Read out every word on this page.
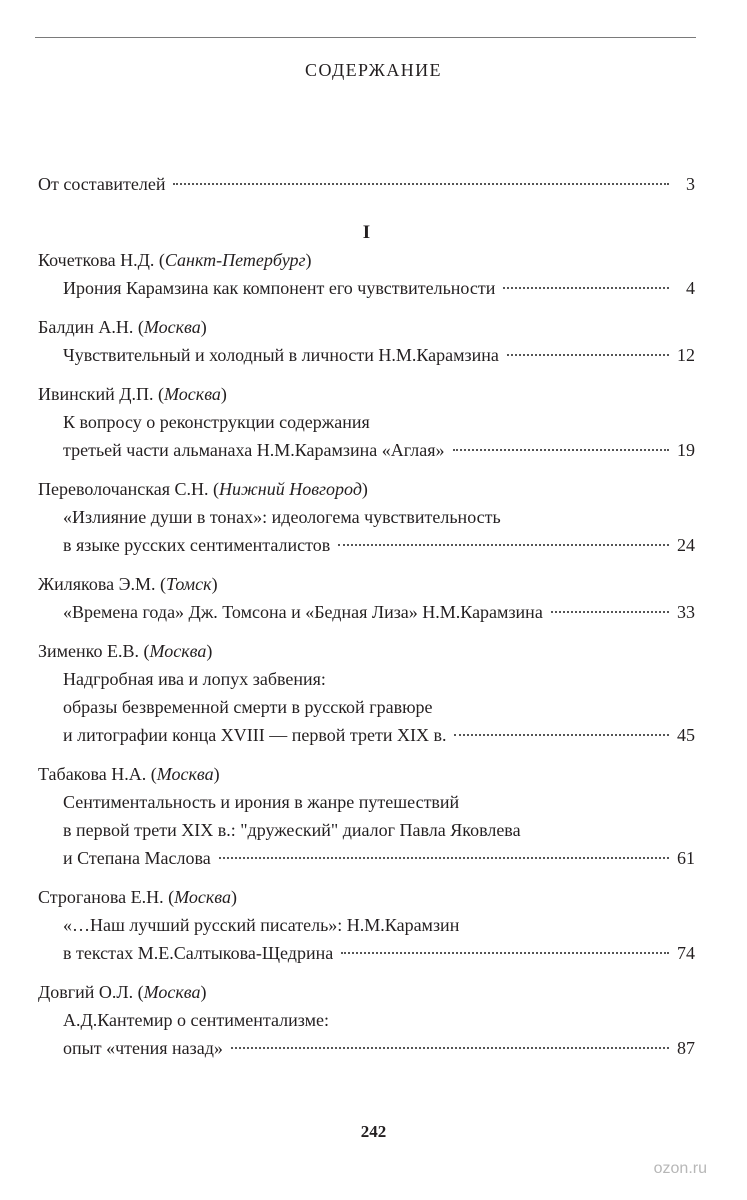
СОДЕРЖАНИЕ
От составителей	3
I
Кочеткова Н.Д. ( Санкт-Петербург )
Ирония Карамзина как компонент его чувствительности	4
Балдин А.Н. ( Москва )
Чувствительный и холодный в личности Н.М.Карамзина	12
Ивинский Д.П. ( Москва )
К вопросу о реконструкции содержания
третьей части альманаха Н.М.Карамзина «Аглая»	19
Переволочанская С.Н. ( Нижний Новгород )
«Излияние души в тонах»: идеологема чувствительность
в языке русских сентименталистов	24
Жилякова Э.М. ( Томск )
«Времена года» Дж. Томсона и «Бедная Лиза» Н.М.Карамзина	33
Зименко Е.В. ( Москва )
Надгробная ива и лопух забвения:
образы безвременной смерти в русской гравюре
и литографии конца XVIII — первой трети XIX в.	45
Табакова Н.А. ( Москва )
Сентиментальность и ирония в жанре путешествий
в первой трети XIX в.: "дружеский" диалог Павла Яковлева
и Степана Маслова	61
Строганова Е.Н. ( Москва )
«…Наш лучший русский писатель»: Н.М.Карамзин
в текстах М.Е.Салтыкова-Щедрина	74
Довгий О.Л. ( Москва )
А.Д.Кантемир о сентиментализме:
опыт «чтения назад»	87
242
ozon.ru
